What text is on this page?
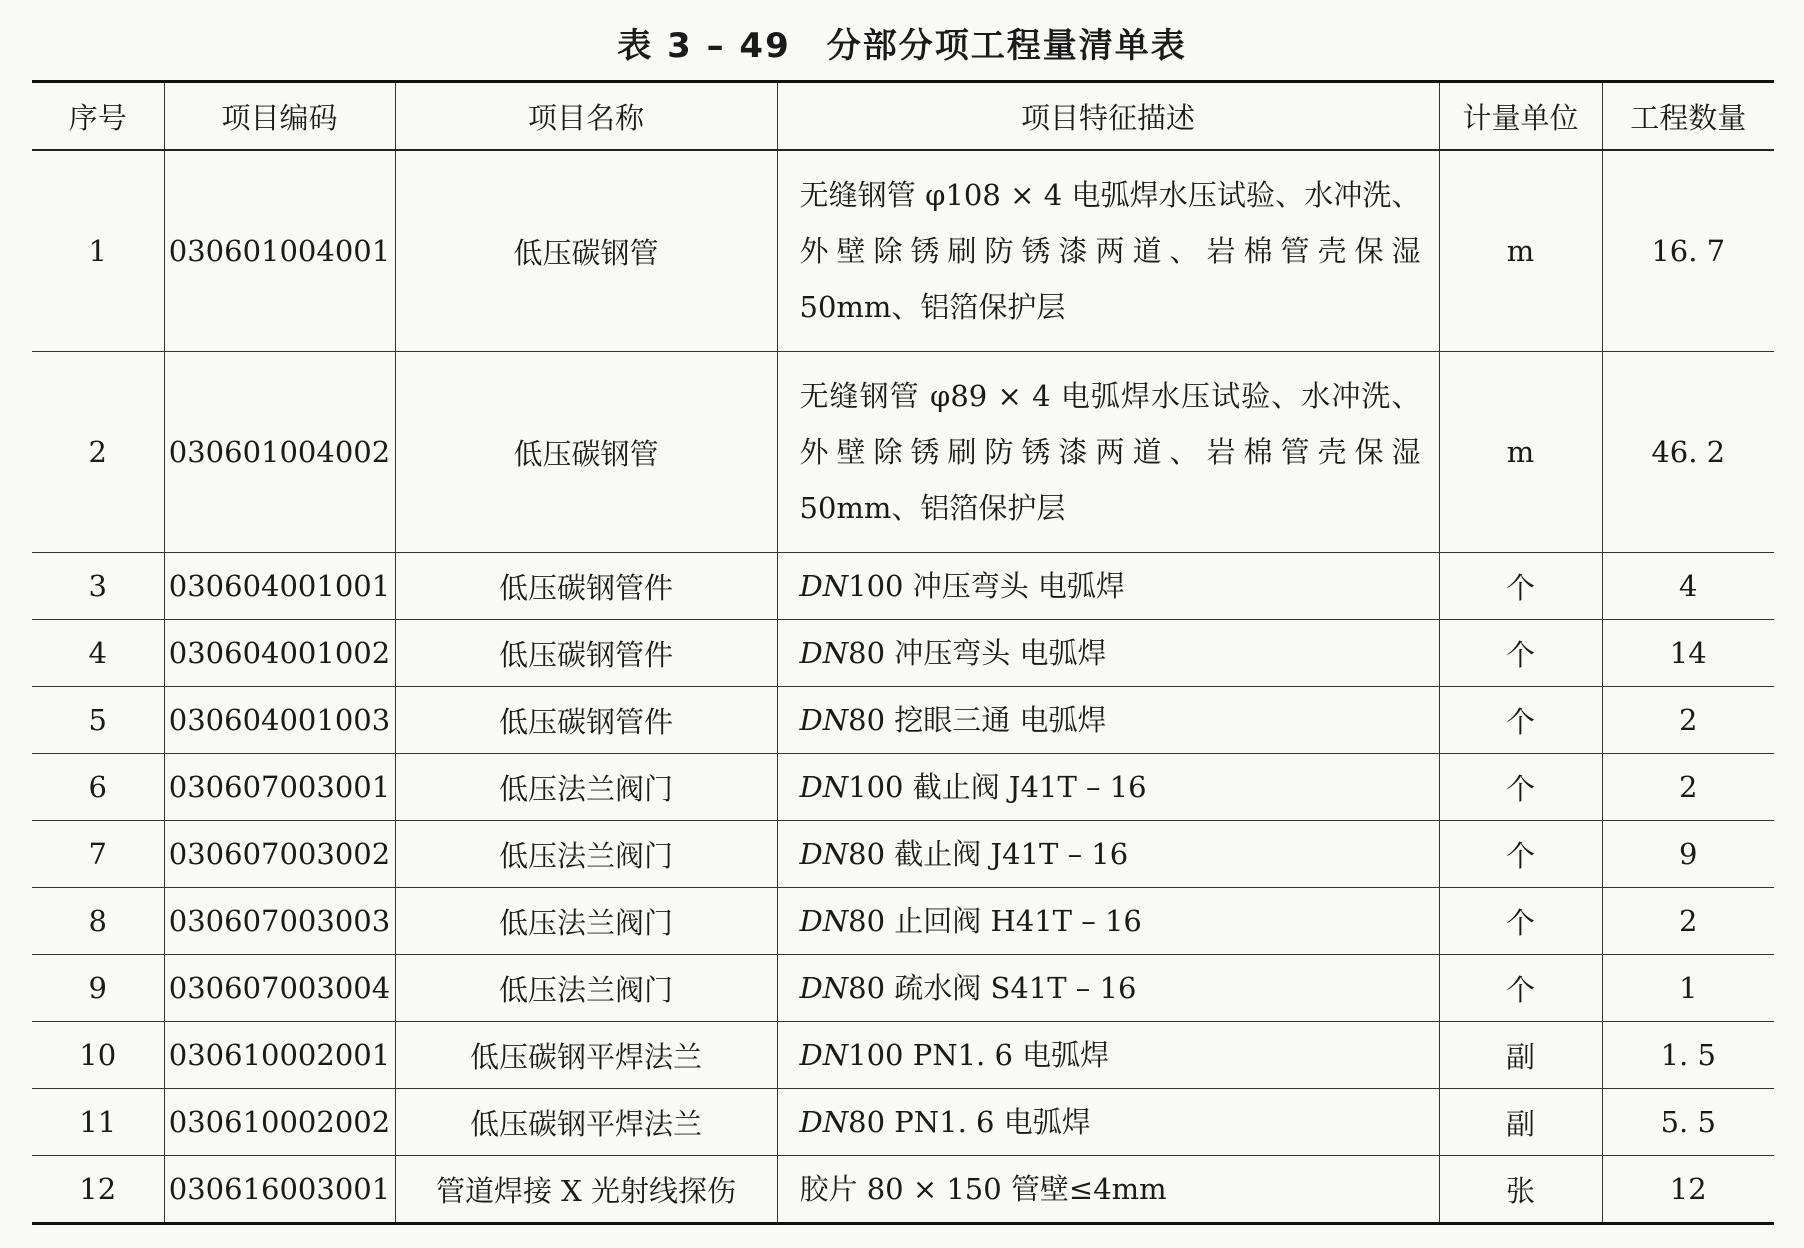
表 3 – 49 分部分项工程量清单表
序号	项目编码	项目名称	项目特征描述	计量单位	工程数量
1	030601004001	低压碳钢管	无缝钢管 φ108 × 4 电弧焊水压试验、水冲洗、外壁除锈刷防锈漆两道、岩棉管壳保湿 50mm、铝箔保护层	m	16. 7
2	030601004002	低压碳钢管	无缝钢管 φ89 × 4 电弧焊水压试验、水冲洗、外壁除锈刷防锈漆两道、岩棉管壳保湿 50mm、铝箔保护层	m	46. 2
3	030604001001	低压碳钢管件	DN100 冲压弯头 电弧焊	个	4
4	030604001002	低压碳钢管件	DN80 冲压弯头 电弧焊	个	14
5	030604001003	低压碳钢管件	DN80 挖眼三通 电弧焊	个	2
6	030607003001	低压法兰阀门	DN100 截止阀 J41T – 16	个	2
7	030607003002	低压法兰阀门	DN80 截止阀 J41T – 16	个	9
8	030607003003	低压法兰阀门	DN80 止回阀 H41T – 16	个	2
9	030607003004	低压法兰阀门	DN80 疏水阀 S41T – 16	个	1
10	030610002001	低压碳钢平焊法兰	DN100 PN1. 6 电弧焊	副	1. 5
11	030610002002	低压碳钢平焊法兰	DN80 PN1. 6 电弧焊	副	5. 5
12	030616003001	管道焊接 X 光射线探伤	胶片 80 × 150 管壁≤4mm	张	12
